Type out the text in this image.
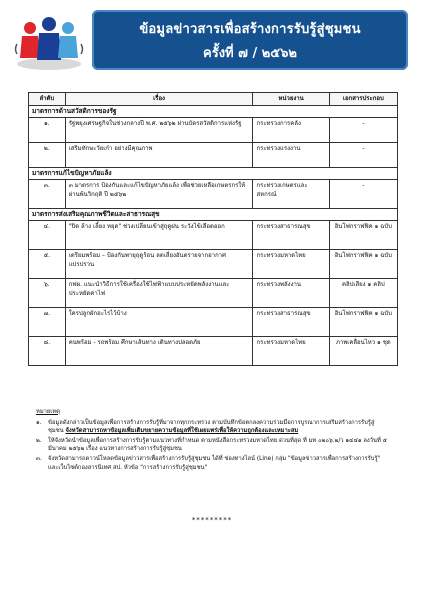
ข้อมูลข่าวสารเพื่อสร้างการรับรู้สู่ชุมชน
ครั้งที่ ๗ / ๒๕๖๒
ลำดับ	เรื่อง	หน่วยงาน	เอกสารประกอบ
มาตรการด้านสวัสดิการของรัฐ			
๑.	รัฐพยุงเศรษฐกิจในช่วงกลางปี พ.ศ. ๒๕๖๒ ผ่านบัตรสวัสดิการแห่งรัฐ	กระทรวงการคลัง	-
๒.	เสริมทักษะวัยเก๋า อย่างมีคุณภาพ	กระทรวงแรงงาน	-
มาตรการแก้ไขปัญหาภัยแล้ง			
๓.	๓ มาตรการ ป้องกันและแก้ไขปัญหาภัยแล้ง เพื่อช่วยเหลือเกษตรกรให้ผ่านพ้นวิกฤติ ปี ๒๕๖๒	กระทรวงเกษตรและสหกรณ์	-
มาตรการส่งเสริมคุณภาพชีวิตและสาธารณสุข			
๔.	"ปิด ล้าง เลี้ยง หยุด" ช่วงเปลี่ยนเข้าสู่ฤดูฝน ระวังไข้เลือดออก	กระทรวงสาธารณสุข	อินโฟกราฟฟิค ๑ ฉบับ
๕.	เตรียมพร้อม – ป้องกันพายุฤดูร้อน ลดเสี่ยงอันตรายจากอากาศแปรปรวน	กระทรวงมหาดไทย	อินโฟกราฟฟิค ๑ ฉบับ
๖.	กฟผ. แนะนำวิธีการใช้เครื่องใช้ไฟฟ้าแบบประหยัดพลังงานและประหยัดค่าไฟ	กระทรวงพลังงาน	คลิปเสียง ๑ คลิป
๗.	ใครปลูกผักอะไรไว้บ้าง	กระทรวงสาธารณสุข	อินโฟกราฟฟิค ๑ ฉบับ
๘.	คนพร้อม - รถพร้อม ศึกษาเส้นทาง เดินทางปลอดภัย	กระทรวงมหาดไทย	ภาพเคลื่อนไหว ๑ ชุด
หมายเหตุ
๑.	ข้อมูลดังกล่าวเป็นข้อมูลเพื่อการสร้างการรับรู้ที่มาจากทุกกระทรวง ตามบันทึกข้อตกลงความร่วมมือการบูรณาการเสริมสร้างการรับรู้สู่ชุมชน จังหวัดสามารถหาข้อมูลเพิ่มเติมขยายความข้อมูลที่ใช้เผยแพร่เพื่อให้ความถูกต้องและเหมาะสม
๒.	ให้จังหวัดนำข้อมูลเพื่อการสร้างการรับรู้ตามแนวทางที่กำหนด ตามหนังสือกระทรวงมหาดไทย ด่วนที่สุด ที่ มท ๐๒๐๖.๒/ว ๑๔๔๑ ลงวันที่ ๕ มีนาคม ๒๕๖๒ เรื่อง แนวทางการสร้างการรับรู้สู่ชุมชน
๓.	จังหวัดสามารถดาวน์โหลดข้อมูลข่าวสารเพื่อสร้างการรับรู้สู่ชุมชน ได้ที่ ช่องทางไลน์ (Line) กลุ่ม "ข้อมูลข่าวสารเพื่อการสร้างการรับรู้" และเว็บไซต์กองสารนิเทศ สป. หัวข้อ "การสร้างการรับรู้สู่ชุมชน"
*********
